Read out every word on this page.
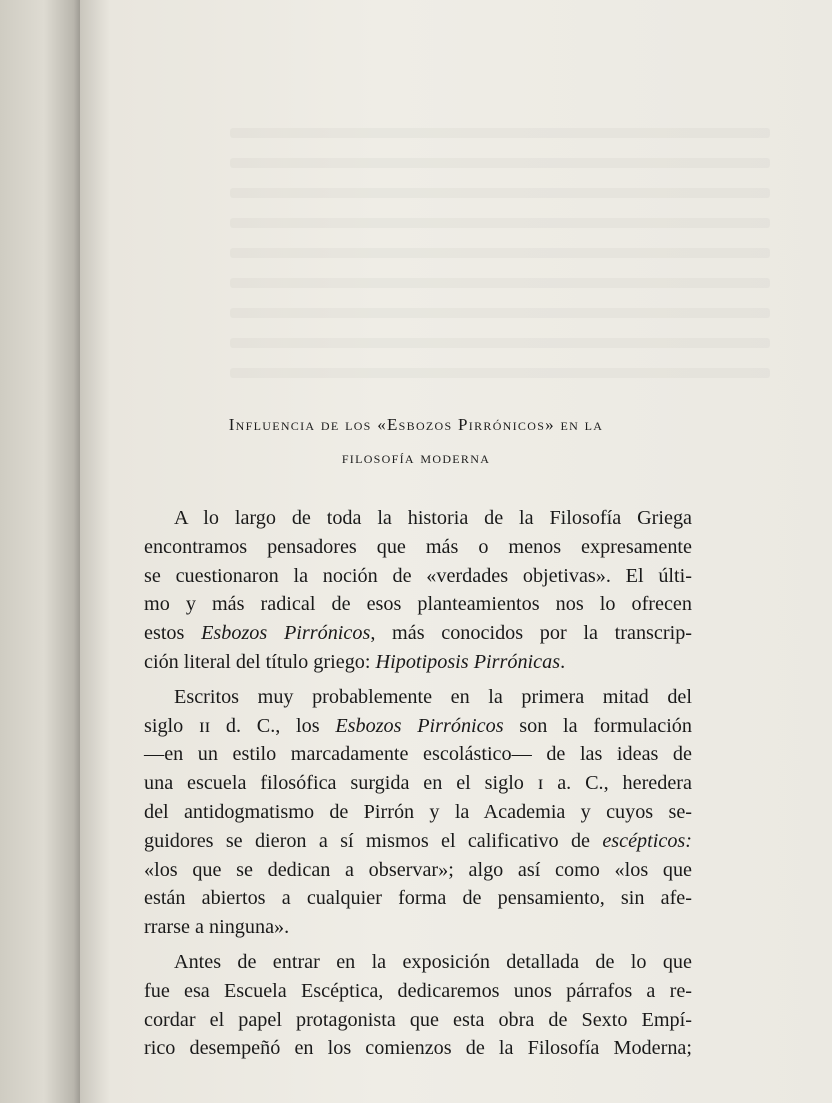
Influencia de los «Esbozos Pirrónicos» en la
filosofía moderna
A lo largo de toda la historia de la Filosofía Griega
encontramos pensadores que más o menos expresamente
se cuestionaron la noción de «verdades objetivas». El últi-
mo y más radical de esos planteamientos nos lo ofrecen
estos Esbozos Pirrónicos, más conocidos por la transcrip-
ción literal del título griego: Hipotiposis Pirrónicas.
Escritos muy probablemente en la primera mitad del
siglo ɪɪ d. C., los Esbozos Pirrónicos son la formulación
—en un estilo marcadamente escolástico— de las ideas de
una escuela filosófica surgida en el siglo ɪ a. C., heredera
del antidogmatismo de Pirrón y la Academia y cuyos se-
guidores se dieron a sí mismos el calificativo de escépticos:
«los que se dedican a observar»; algo así como «los que
están abiertos a cualquier forma de pensamiento, sin afe-
rrarse a ninguna».
Antes de entrar en la exposición detallada de lo que
fue esa Escuela Escéptica, dedicaremos unos párrafos a re-
cordar el papel protagonista que esta obra de Sexto Empí-
rico desempeñó en los comienzos de la Filosofía Moderna;
